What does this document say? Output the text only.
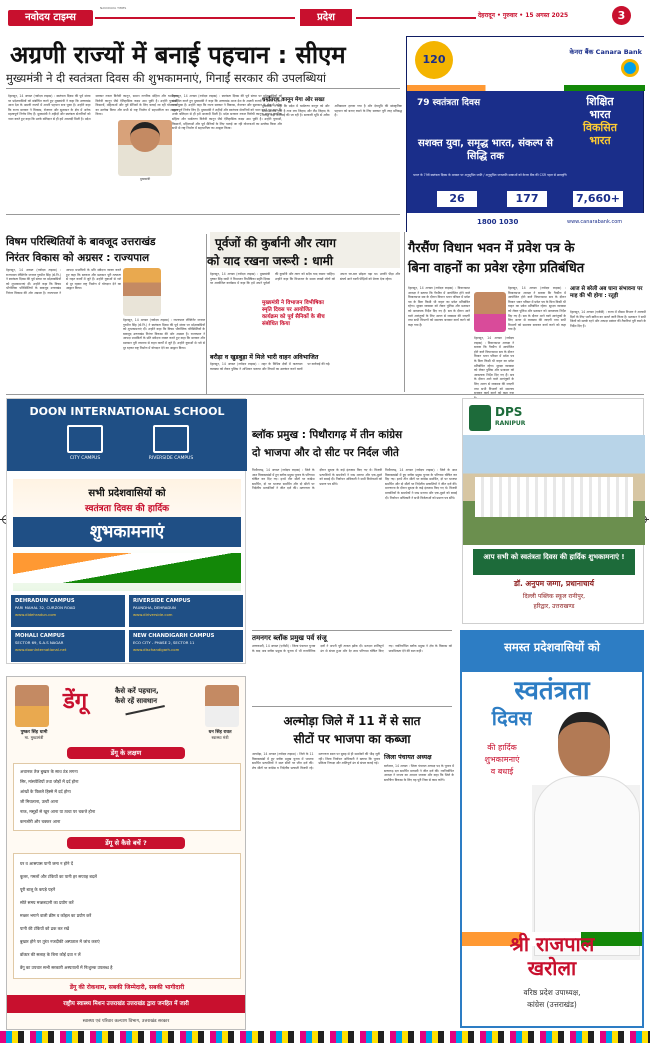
नवोदय टाइम्स
NAVODAYA TIMES
प्रदेश	देहरादून • गुरुवार • 15 अगस्त 2025	3
अग्रणी राज्यों में बनाई पहचान : सीएम
मुख्यमंत्री ने दी स्वतंत्रता दिवस की शुभकामनाएं, गिनाईं सरकार की उपलब्धियां
देहरादून, 14 अगस्त (नवोदय टाइम्स) : स्वतंत्रता दिवस की पूर्व संध्या पर प्रदेशवासियों को संबोधित करते हुए मुख्यमंत्री ने कहा कि उत्तराखंड आज देश के अग्रणी राज्यों में अपनी पहचान बना चुका है। उन्होंने कहा कि राज्य सरकार ने विकास, रोजगार और सुशासन के क्षेत्र में अनेक महत्वपूर्ण निर्णय लिए हैं। मुख्यमंत्री ने शहीदों और स्वतंत्रता सेनानियों को नमन करते हुए कहा कि उनके बलिदान से ही हमें आजादी मिली है। प्रदेश सरकार नकल विरोधी कानून, समान नागरिक संहिता और धर्मांतरण विरोधी कानून जैसे ऐतिहासिक कदम उठा चुकी है। उन्होंने युवाओं, किसानों, महिलाओं और पूर्व सैनिकों के लिए चलाई जा रही योजनाओं का उल्लेख किया और सभी से राष्ट्र निर्माण में सहभागिता का आह्वान किया।
मुख्यमंत्री
देहरादून, 14 अगस्त (नवोदय टाइम्स) : स्वतंत्रता दिवस की पूर्व संध्या पर प्रदेशवासियों को संबोधित करते हुए मुख्यमंत्री ने कहा कि उत्तराखंड आज देश के अग्रणी राज्यों में अपनी पहचान बना चुका है। उन्होंने कहा कि राज्य सरकार ने विकास, रोजगार और सुशासन के क्षेत्र में अनेक महत्वपूर्ण निर्णय लिए हैं। मुख्यमंत्री ने शहीदों और स्वतंत्रता सेनानियों को नमन करते हुए कहा कि उनके बलिदान से ही हमें आजादी मिली है। प्रदेश सरकार नकल विरोधी कानून, समान नागरिक संहिता और धर्मांतरण विरोधी कानून जैसे ऐतिहासिक कदम उठा चुकी है। उन्होंने युवाओं, किसानों, महिलाओं और पूर्व सैनिकों के लिए चलाई जा रही योजनाओं का उल्लेख किया और सभी से राष्ट्र निर्माण में सहभागिता का आह्वान किया।
धर्मांतरण कानून मेगा ओर सख्त
मुख्यमंत्री ने कहा कि प्रदेश में धर्मांतरण कानून को और सख्त बनाया गया है तथा लव जिहाद और लैंड जिहाद के विरुद्ध कड़ी कार्रवाई की जा रही है। सरकारी भूमि से अवैध अतिक्रमण हटाया गया है और देवभूमि की सांस्कृतिक पहचान को बनाए रखने के लिए सरकार पूरी तरह प्रतिबद्ध है।
120
केनरा बैंक Canara Bank
79 स्वतंत्रता दिवस	शिक्षित
भारत
विकसित
भारत
सशक्त युवा, समृद्ध भारत, संकल्प से सिद्धि तक
भारत के 79वें स्वतंत्रता दिवस के अवसर पर अनुसूचित जाति / अनुसूचित जनजाति छात्राओं को केनरा बैंक की CSR पहल से छात्रवृत्ति
26	177	7,660+
1800 1030	www.canarabank.com
विषम परिस्थितियों के बावजूद उत्तराखंड
निरंतर विकास को अग्रसर : राज्यपाल
देहरादून, 14 अगस्त (नवोदय टाइम्स) : राज्यपाल लेफ्टिनेंट जनरल गुरमीत सिंह (से.नि.) ने स्वतंत्रता दिवस की पूर्व संध्या पर प्रदेशवासियों को शुभकामनाएं दीं। उन्होंने कहा कि विषम भौगोलिक परिस्थितियों के बावजूद उत्तराखंड निरंतर विकास की ओर अग्रसर है। राज्यपाल ने आपदा प्रभावितों के प्रति संवेदना व्यक्त करते हुए कहा कि सरकार और प्रशासन पूरी तत्परता से राहत कार्यों में जुटे हैं। उन्होंने युवाओं से नशे से दूर रहकर राष्ट्र निर्माण में योगदान देने का आह्वान किया।
देहरादून, 14 अगस्त (नवोदय टाइम्स) : राज्यपाल लेफ्टिनेंट जनरल गुरमीत सिंह (से.नि.) ने स्वतंत्रता दिवस की पूर्व संध्या पर प्रदेशवासियों को शुभकामनाएं दीं। उन्होंने कहा कि विषम भौगोलिक परिस्थितियों के बावजूद उत्तराखंड निरंतर विकास की ओर अग्रसर है। राज्यपाल ने आपदा प्रभावितों के प्रति संवेदना व्यक्त करते हुए कहा कि सरकार और प्रशासन पूरी तत्परता से राहत कार्यों में जुटे हैं। उन्होंने युवाओं से नशे से दूर रहकर राष्ट्र निर्माण में योगदान देने का आह्वान किया।
पूर्वजों की कुर्बानी और त्याग
को याद रखना जरूरी : धामी
देहरादून, 14 अगस्त (नवोदय टाइम्स) : मुख्यमंत्री पुष्कर सिंह धामी ने विभाजन विभीषिका स्मृति दिवस पर आयोजित कार्यक्रम में कहा कि हमें अपने पूर्वजों की कुर्बानी और त्याग को सदैव याद रखना चाहिए। उन्होंने कहा कि विभाजन के समय लाखों लोगों को अपना घर-बार छोड़ना पड़ा था। उनकी पीड़ा और संघर्ष आने वाली पीढ़ियों को प्रेरणा देता रहेगा।
मुख्यमंत्री ने विभाजन विभीषिका स्मृति दिवस पर आयोजित कार्यक्रम को पूर्व सैनिकों के बीच संबोधित किया
बरौड़ा व खुडबुड़ा में मिले भारी वाहन अविभाजित
देहरादून, 14 अगस्त (नवोदय टाइम्स) : शहर के विभिन्न क्षेत्रों में यातायात व्यवस्था को लेकर पुलिस ने अभियान चलाया और नियमों का उल्लंघन करने वालों पर कार्रवाई की गई।
गैरसैंण विधान भवन में प्रवेश पत्र के
बिना वाहनों का प्रवेश रहेगा प्रतिबंधित
देहरादून, 14 अगस्त (नवोदय टाइम्स) : विधानसभा अध्यक्ष ने बताया कि गैरसैंण में आयोजित होने वाले विधानसभा सत्र के दौरान विधान भवन परिसर में प्रवेश पत्र के बिना किसी भी वाहन का प्रवेश प्रतिबंधित रहेगा। सुरक्षा व्यवस्था को लेकर पुलिस और प्रशासन को आवश्यक निर्देश दिए गए हैं। सत्र के दौरान आने वाले आगंतुकों के लिए अलग से व्यवस्था की जाएगी तथा सभी विभागों को समन्वय बनाकर कार्य करने को कहा गया है।
देहरादून, 14 अगस्त (नवोदय टाइम्स) : विधानसभा अध्यक्ष ने बताया कि गैरसैंण में आयोजित होने वाले विधानसभा सत्र के दौरान विधान भवन परिसर में प्रवेश पत्र के बिना किसी भी वाहन का प्रवेश प्रतिबंधित रहेगा। सुरक्षा व्यवस्था को लेकर पुलिस और प्रशासन को आवश्यक निर्देश दिए गए हैं। सत्र के दौरान आने वाले आगंतुकों के लिए अलग से व्यवस्था की जाएगी तथा सभी विभागों को समन्वय
देहरादून, 14 अगस्त (नवोदय टाइम्स) : विधानसभा अध्यक्ष ने बताया कि गैरसैंण में आयोजित होने वाले विधानसभा सत्र के दौरान विधान भवन परिसर में प्रवेश पत्र के बिना किसी भी वाहन का प्रवेश प्रतिबंधित रहेगा। सुरक्षा व्यवस्था को लेकर पुलिस और प्रशासन को आवश्यक निर्देश दिए गए हैं। सत्र के दौरान आने वाले आगंतुकों के लिए अलग से व्यवस्था की जाएगी तथा सभी विभागों को समन्वय बनाकर कार्य करने को कहा गया है।
आज से बरेली अब घाना संभावना पर माह की भी होगा : रतूड़ी
देहरादून, 14 अगस्त (एजेंसी) : राज्य में मौसम विभाग ने आगामी दिनों के लिए भारी बारिश का अलर्ट जारी किया है। प्रशासन ने सभी जिलों को सतर्क रहने और आपदा प्रबंधन की तैयारियां पूरी रखने के निर्देश दिए हैं।
DOON INTERNATIONAL SCHOOL
CITY CAMPUS	RIVERSIDE CAMPUS
सभी प्रदेशवासियों को
स्वतंत्रता दिवस की हार्दिक
शुभकामनाएं
DEHRADUN CAMPUS
PARI MAHAL 32, CURZON ROAD
www.didehradun.com
RIVERSIDE CAMPUS
PAUNDHA, DEHRADUN
www.diriverside.com
MOHALI CAMPUS
SECTOR 69, S.A.S NAGAR
www.doonInternational.net
NEW CHANDIGARH CAMPUS
ECO CITY - PHASE 2, SECTOR 11
www.dischandigarh.com
ब्लॉक प्रमुख : पिथौरागढ़ में तीन कांग्रेस
दो भाजपा और दो सीट पर निर्दल जीते
पिथौरागढ़, 14 अगस्त (नवोदय टाइम्स) : जिले के आठ विकासखंडों में हुए ब्लॉक प्रमुख चुनाव के परिणाम घोषित कर दिए गए। इनमें तीन सीटों पर कांग्रेस समर्थित, दो पर भाजपा समर्थित और दो सीटों पर निर्दलीय प्रत्याशियों ने जीत दर्ज की। मतगणना के दौरान सुरक्षा के कड़े इंतजाम किए गए थे। विजयी प्रत्याशियों के समर्थकों ने जश्न मनाया और एक-दूसरे को बधाई दी। निर्वाचन अधिकारी ने सभी विजेताओं को प्रमाण पत्र सौंपे।
पिथौरागढ़, 14 अगस्त (नवोदय टाइम्स) : जिले के आठ विकासखंडों में हुए ब्लॉक प्रमुख चुनाव के परिणाम घोषित कर दिए गए। इनमें तीन सीटों पर कांग्रेस समर्थित, दो पर भाजपा समर्थित और दो सीटों पर निर्दलीय प्रत्याशियों ने जीत दर्ज की। मतगणना के दौरान सुरक्षा के कड़े इंतजाम किए गए थे। विजयी प्रत्याशियों के समर्थकों ने जश्न मनाया और एक-दूसरे को बधाई दी। निर्वाचन अधिकारी ने सभी विजेताओं को प्रमाण पत्र सौंपे।
DPS
RANIPUR
आप सभी को स्वतंत्रता दिवस की हार्दिक शुभकामनाएं !
डॉ. अनुपम जग्गा, प्रधानाचार्य
दिल्ली पब्लिक स्कूल रानीपुर,
हरिद्वार, उत्तराखण्ड
तमनगर ब्लॉक प्रमुख पर्व संजू
उत्तरकाशी, 14 अगस्त (एजेंसी) : जिला पंचायत चुनाव के बाद अब ब्लॉक प्रमुख के चुनाव में भी राजनीतिक दलों ने अपनी पूरी ताकत झोंक दी। मतदान शांतिपूर्ण ढंग से संपन्न हुआ और देर शाम परिणाम घोषित किए गए। नवनिर्वाचित ब्लॉक प्रमुख ने क्षेत्र के विकास को प्राथमिकता देने की बात कही।	समस्त प्रदेशवासियों को
स्वतंत्रता
दिवस
की हार्दिक
शुभकामनाएं
व बधाई
श्री राजपाल
खरोला
वरिष्ठ प्रदेश उपाध्यक्ष,
कांग्रेस (उत्तराखंड)
पुष्कर सिंह धामी
मा. मुख्यमंत्री
डेंगू	कैसे करें पहचान,
कैसे रहें सावधान
धन सिंह रावत
स्वास्थ्य मंत्री
डेंगू के लक्षण
अचानक तेज बुखार के साथ ठंड लगना
सिर, मांसपेशियों तथा जोड़ों में दर्द होना
आंखों के पिछले हिस्से में दर्द होना
जी मिचलाना, उल्टी आना
नाक, मसूड़ों से खून आना या त्वचा पर चकत्ते होना
कमजोरी और चक्कर आना
डेंगू से कैसे बचें ?
घर व आसपास पानी जमा न होने दें
कूलर, गमलों और टंकियों का पानी हर सप्ताह बदलें
पूरी बाजू के कपड़े पहनें
सोते समय मच्छरदानी का प्रयोग करें
मच्छर भगाने वाली क्रीम व कॉइल का प्रयोग करें
पानी की टंकियों को ढक कर रखें
बुखार होने पर तुरंत नजदीकी अस्पताल में जांच कराएं
डॉक्टर की सलाह के बिना कोई दवा न लें
डेंगू का उपचार सभी सरकारी अस्पतालों में निःशुल्क उपलब्ध है
डेंगू की रोकथाम, सबकी जिम्मेदारी, सबकी भागीदारी
राष्ट्रीय स्वास्थ्य मिशन उत्तराखंड उत्तराखंड द्वारा जनहित में जारी
स्वास्थ्य एवं परिवार कल्याण विभाग, उत्तराखंड सरकार
अल्मोड़ा जिले में 11 में से सात
सीटों पर भाजपा का कब्जा
अल्मोड़ा, 14 अगस्त (नवोदय टाइम्स) : जिले के 11 विकासखंडों में हुए ब्लॉक प्रमुख चुनाव में भाजपा समर्थित प्रत्याशियों ने सात सीटों पर जीत दर्ज की। शेष सीटों पर कांग्रेस व निर्दलीय प्रत्याशी विजयी रहे। मतगणना स्थल पर सुबह से ही समर्थकों की भीड़ जुटी रही। जिला निर्वाचन अधिकारी ने बताया कि चुनाव प्रक्रिया निष्पक्ष और शांतिपूर्ण ढंग से संपन्न कराई गई।
जिला पंचायत अध्यक्ष
बागेश्वर, 14 अगस्त : जिला पंचायत अध्यक्ष पद के चुनाव में सत्तारूढ़ दल समर्थित प्रत्याशी ने जीत दर्ज की। नवनिर्वाचित अध्यक्ष ने जनता का आभार जताया और कहा कि जिले के सर्वांगीण विकास के लिए वह पूरी निष्ठा से काम करेंगे।
